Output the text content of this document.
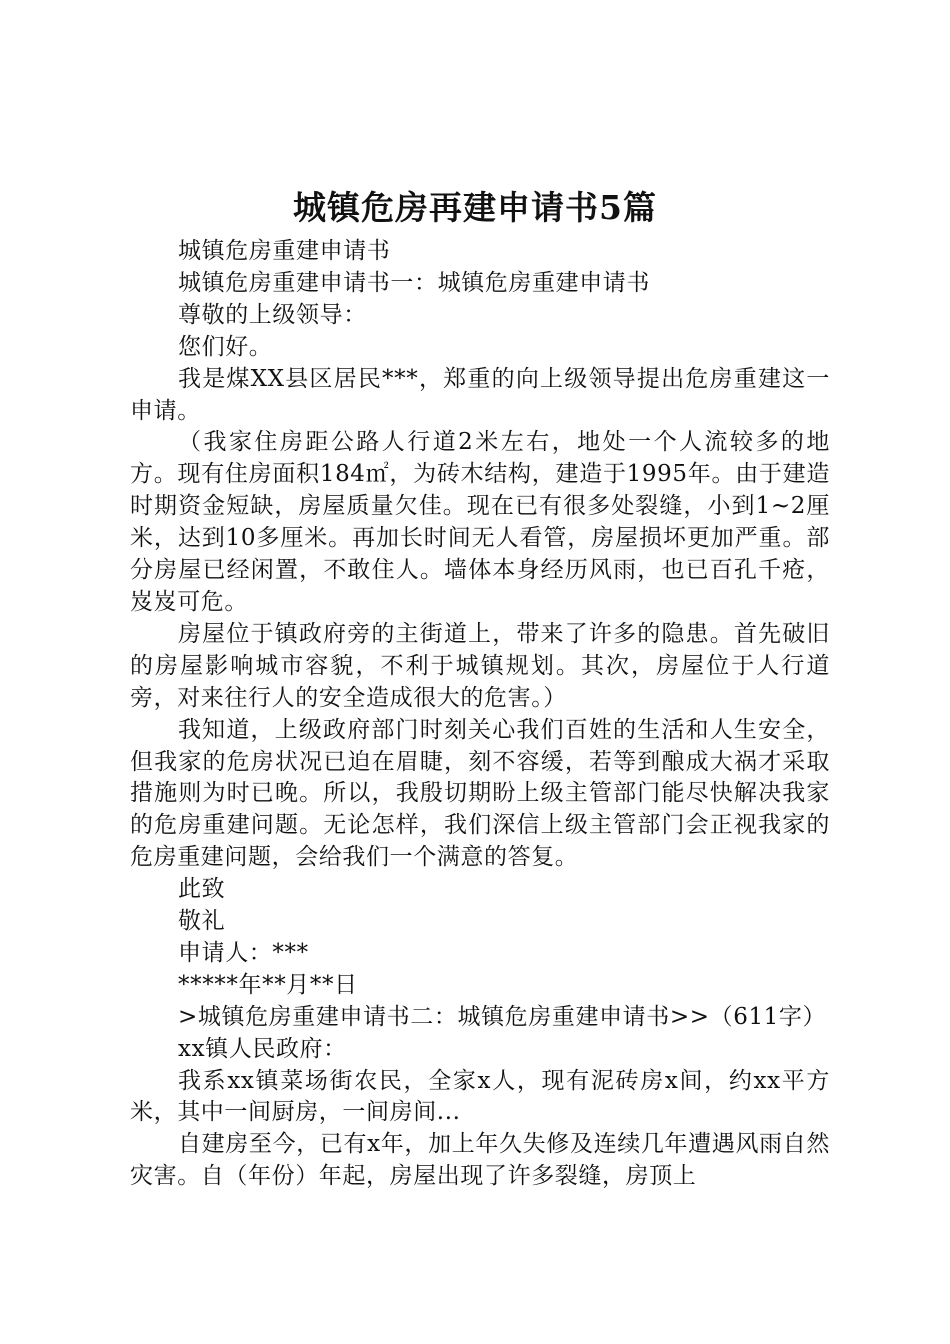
城镇危房再建申请书5篇

城镇危房重建申请书

城镇危房重建申请书一：城镇危房重建申请书

尊敬的上级领导：

您们好。

我是煤XX县区居民***，郑重的向上级领导提出危房重建这一申请。

（我家住房距公路人行道2米左右，地处一个人流较多的地方。现有住房面积184㎡，为砖木结构，建造于1995年。由于建造时期资金短缺，房屋质量欠佳。现在已有很多处裂缝，小到1~2厘米，达到10多厘米。再加长时间无人看管，房屋损坏更加严重。部分房屋已经闲置，不敢住人。墙体本身经历风雨，也已百孔千疮，岌岌可危。

房屋位于镇政府旁的主街道上，带来了许多的隐患。首先破旧的房屋影响城市容貌，不利于城镇规划。其次，房屋位于人行道旁，对来往行人的安全造成很大的危害。）

我知道，上级政府部门时刻关心我们百姓的生活和人生安全，但我家的危房状况已迫在眉睫，刻不容缓，若等到酿成大祸才采取措施则为时已晚。所以，我殷切期盼上级主管部门能尽快解决我家的危房重建问题。无论怎样，我们深信上级主管部门会正视我家的危房重建问题，会给我们一个满意的答复。

此致

敬礼

申请人：***

*****年**月**日

>城镇危房重建申请书二：城镇危房重建申请书>>（611字）

xx镇人民政府：

我系xx镇菜场街农民，全家x人，现有泥砖房x间，约xx平方米，其中一间厨房，一间房间...

自建房至今，已有x年，加上年久失修及连续几年遭遇风雨自然灾害。自（年份）年起，房屋出现了许多裂缝，房顶上
